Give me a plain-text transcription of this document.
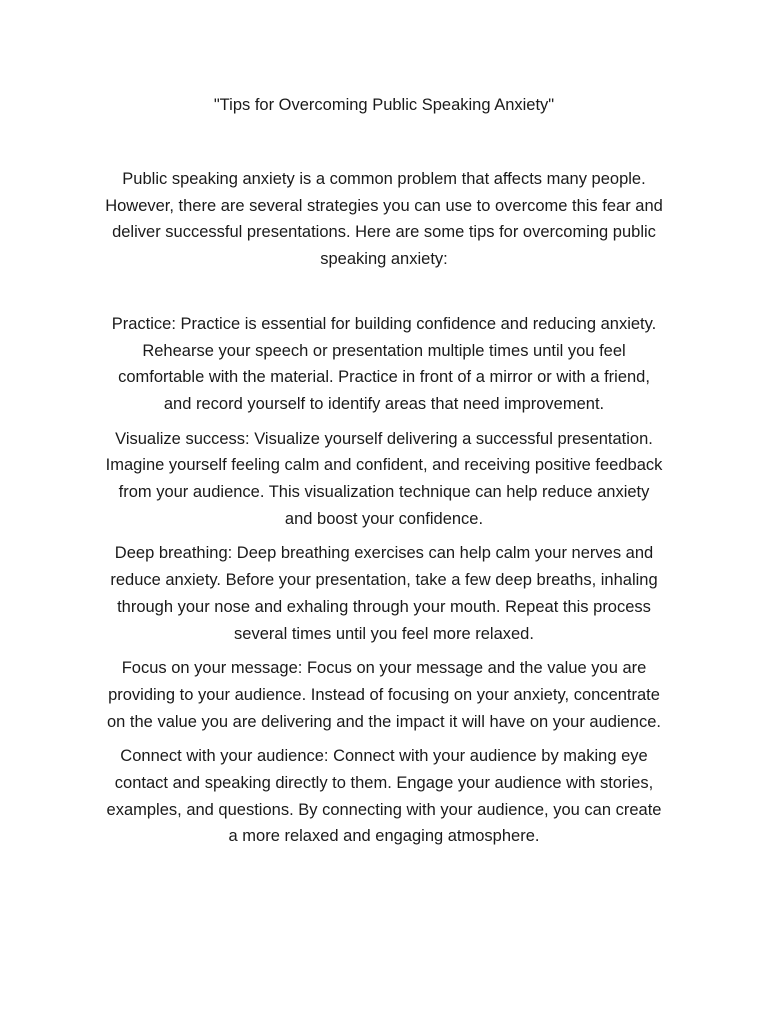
"Tips for Overcoming Public Speaking Anxiety"

Public speaking anxiety is a common problem that affects many people. However, there are several strategies you can use to overcome this fear and deliver successful presentations. Here are some tips for overcoming public speaking anxiety:

Practice: Practice is essential for building confidence and reducing anxiety. Rehearse your speech or presentation multiple times until you feel comfortable with the material. Practice in front of a mirror or with a friend, and record yourself to identify areas that need improvement.

Visualize success: Visualize yourself delivering a successful presentation. Imagine yourself feeling calm and confident, and receiving positive feedback from your audience. This visualization technique can help reduce anxiety and boost your confidence.

Deep breathing: Deep breathing exercises can help calm your nerves and reduce anxiety. Before your presentation, take a few deep breaths, inhaling through your nose and exhaling through your mouth. Repeat this process several times until you feel more relaxed.

Focus on your message: Focus on your message and the value you are providing to your audience. Instead of focusing on your anxiety, concentrate on the value you are delivering and the impact it will have on your audience.

Connect with your audience: Connect with your audience by making eye contact and speaking directly to them. Engage your audience with stories, examples, and questions. By connecting with your audience, you can create a more relaxed and engaging atmosphere.
